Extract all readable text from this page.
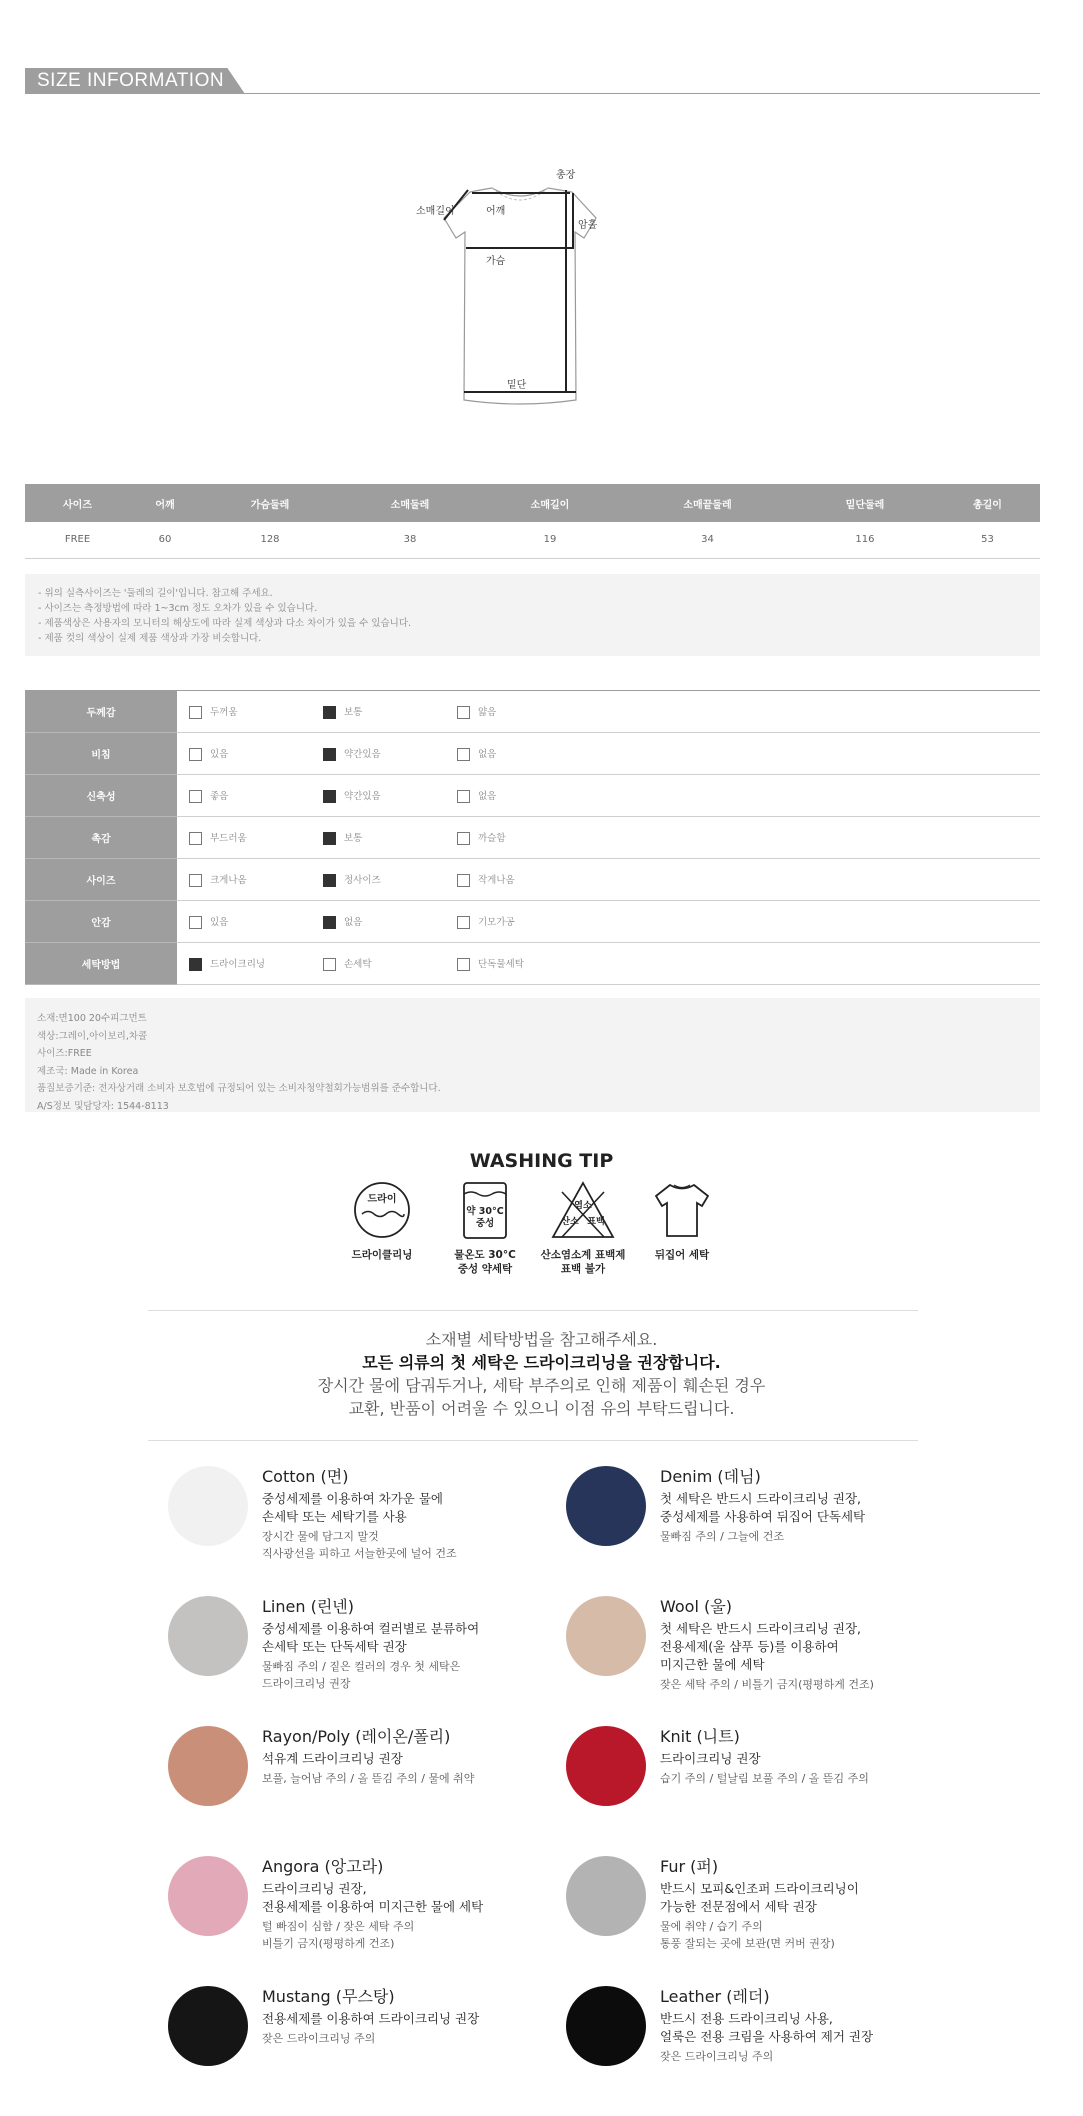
SIZE INFORMATION
총장
소매길이	어깨
암홀
가슴
밑단
사이즈	어깨	가슴둘레	소매둘레	소매길이	소매끝둘레	밑단둘레	총길이
FREE	60	128	38	19	34	116	53

- 위의 실측사이즈는 '둘레의 길이'입니다. 참고해 주세요.

- 사이즈는 측정방법에 따라 1~3cm 정도 오차가 있을 수 있습니다.

- 제품색상은 사용자의 모니터의 해상도에 따라 실제 색상과 다소 차이가 있을 수 있습니다.

- 제품 컷의 색상이 실제 제품 색상과 가장 비슷합니다.

두께감	두꺼움 보통 얇음
비침	있음 약간있음 없음
신축성	좋음 약간있음 없음
촉감	부드러움 보통 까슬함
사이즈	크게나옴 정사이즈 작게나옴
안감	있음 없음 기모가공
세탁방법	드라이크리닝 손세탁 단독물세탁

소재:면100 20수피그먼트

색상:그레이,아이보리,차콜

사이즈:FREE

제조국: Made in Korea

품질보증기준: 전자상거래 소비자 보호법에 규정되어 있는 소비자청약철회가능범위를 준수합니다.

A/S정보 및담당자: 1544-8113

WASHING TIP
드라이
드라이클리닝
약 30°C
중성
물온도 30°C
중성 약세탁
염소
산소 표백
산소염소계 표백제
표백 불가
뒤집어 세탁
소재별 세탁방법을 참고해주세요.
모든 의류의 첫 세탁은 드라이크리닝을 권장합니다.
장시간 물에 담궈두거나, 세탁 부주의로 인해 제품이 훼손된 경우
교환, 반품이 어려울 수 있으니 이점 유의 부탁드립니다.
Cotton (면)
중성세제를 이용하여 차가운 물에
손세탁 또는 세탁기를 사용
장시간 물에 담그지 말것
직사광선을 피하고 서늘한곳에 널어 건조
Denim (데님)
첫 세탁은 반드시 드라이크리닝 권장,
중성세제를 사용하여 뒤집어 단독세탁
물빠짐 주의 / 그늘에 건조
Linen (린넨)
중성세제를 이용하여 컬러별로 분류하여
손세탁 또는 단독세탁 권장
물빠짐 주의 / 짙은 컬러의 경우 첫 세탁은
드라이크리닝 권장
Wool (울)
첫 세탁은 반드시 드라이크리닝 권장,
전용세제(울 샴푸 등)를 이용하여
미지근한 물에 세탁
잦은 세탁 주의 / 비틀기 금지(평평하게 건조)
Rayon/Poly (레이온/폴리)
석유계 드라이크리닝 권장
보풀, 늘어남 주의 / 올 뜯김 주의 / 물에 취약
Knit (니트)
드라이크리닝 권장
습기 주의 / 털날림 보풀 주의 / 올 뜯김 주의
Angora (앙고라)
드라이크리닝 권장,
전용세제를 이용하여 미지근한 물에 세탁
털 빠짐이 심함 / 잦은 세탁 주의
비틀기 금지(평평하게 건조)
Fur (퍼)
반드시 모피&인조퍼 드라이크리닝이
가능한 전문점에서 세탁 권장
물에 취약 / 습기 주의
통풍 잘되는 곳에 보관(면 커버 권장)
Mustang (무스탕)
전용세제를 이용하여 드라이크리닝 권장
잦은 드라이크리닝 주의
Leather (레더)
반드시 전용 드라이크리닝 사용,
얼룩은 전용 크림을 사용하여 제거 권장
잦은 드라이크리닝 주의
